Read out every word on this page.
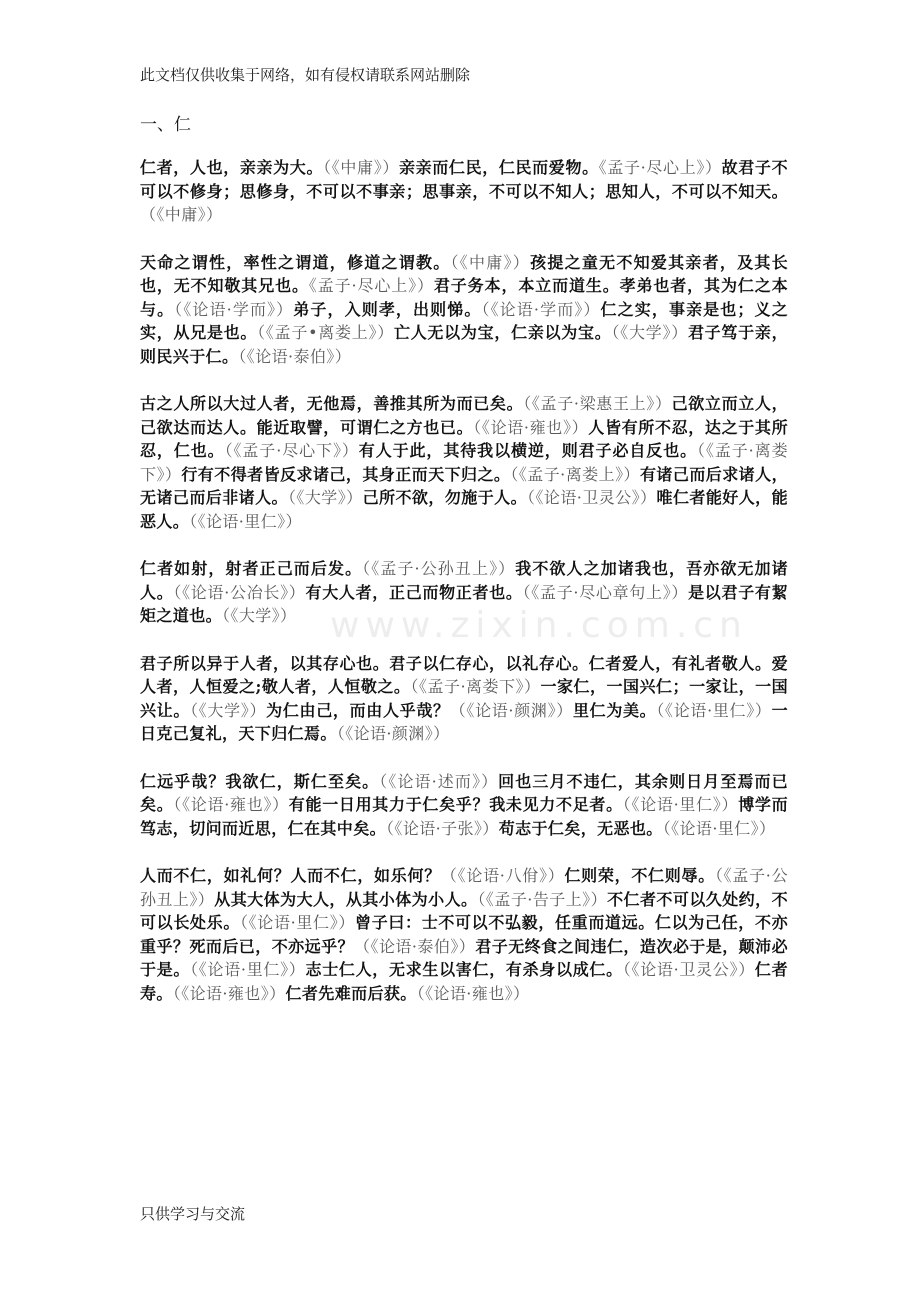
此文档仅供收集于网络，如有侵权请联系网站删除
一、仁

仁者，人也，亲亲为大。（《中庸》）亲亲而仁民，仁民而爱物。《孟子·尽心上》）故君子不可以不修身；思修身，不可以不事亲；思事亲，不可以不知人；思知人，不可以不知天。（《中庸》）

天命之谓性，率性之谓道，修道之谓教。（《中庸》）孩提之童无不知爱其亲者，及其长也，无不知敬其兄也。《孟子·尽心上》）君子务本，本立而道生。孝弟也者，其为仁之本与。（《论语·学而》）弟子，入则孝，出则悌。（《论语·学而》）仁之实，事亲是也；义之实，从兄是也。（《孟子•离娄上》）亡人无以为宝，仁亲以为宝。（《大学》）君子笃于亲，则民兴于仁。（《论语·泰伯》）

古之人所以大过人者，无他焉，善推其所为而已矣。（《孟子·梁惠王上》）己欲立而立人，己欲达而达人。能近取譬，可谓仁之方也已。（《论语·雍也》）人皆有所不忍，达之于其所忍，仁也。（《孟子·尽心下》）有人于此，其待我以横逆，则君子必自反也。（《孟子·离娄下》）行有不得者皆反求诸己，其身正而天下归之。（《孟子·离娄上》）有诸己而后求诸人，无诸己而后非诸人。（《大学》）己所不欲，勿施于人。（《论语·卫灵公》）唯仁者能好人，能恶人。（《论语·里仁》）

仁者如射，射者正己而后发。（《孟子·公孙丑上》）我不欲人之加诸我也，吾亦欲无加诸人。（《论语·公冶长》）有大人者，正己而物正者也。（《孟子·尽心章句上》）是以君子有絜矩之道也。（《大学》）

君子所以异于人者，以其存心也。君子以仁存心，以礼存心。仁者爱人，有礼者敬人。爱人者，人恒爱之;敬人者，人恒敬之。（《孟子·离娄下》）一家仁，一国兴仁；一家让，一国兴让。（《大学》）为仁由己，而由人乎哉？（《论语·颜渊》）里仁为美。（《论语·里仁》）一日克己复礼，天下归仁焉。（《论语·颜渊》）

仁远乎哉？我欲仁，斯仁至矣。（《论语·述而》）回也三月不违仁，其余则日月至焉而已矣。（《论语·雍也》）有能一日用其力于仁矣乎？我未见力不足者。（《论语·里仁》）博学而笃志，切问而近思，仁在其中矣。（《论语·子张》）苟志于仁矣，无恶也。（《论语·里仁》）

人而不仁，如礼何？人而不仁，如乐何？（《论语·八佾》）仁则荣，不仁则辱。（《孟子·公孙丑上》）从其大体为大人，从其小体为小人。（《孟子·告子上》）不仁者不可以久处约，不可以长处乐。（《论语·里仁》）曾子曰：士不可以不弘毅，任重而道远。仁以为己任，不亦重乎？死而后已，不亦远乎？（《论语·泰伯》）君子无终食之间违仁，造次必于是，颠沛必于是。（《论语·里仁》）志士仁人，无求生以害仁，有杀身以成仁。（《论语·卫灵公》）仁者寿。（《论语·雍也》）仁者先难而后获。（《论语·雍也》）

只供学习与交流
www.zixin.com.cn
